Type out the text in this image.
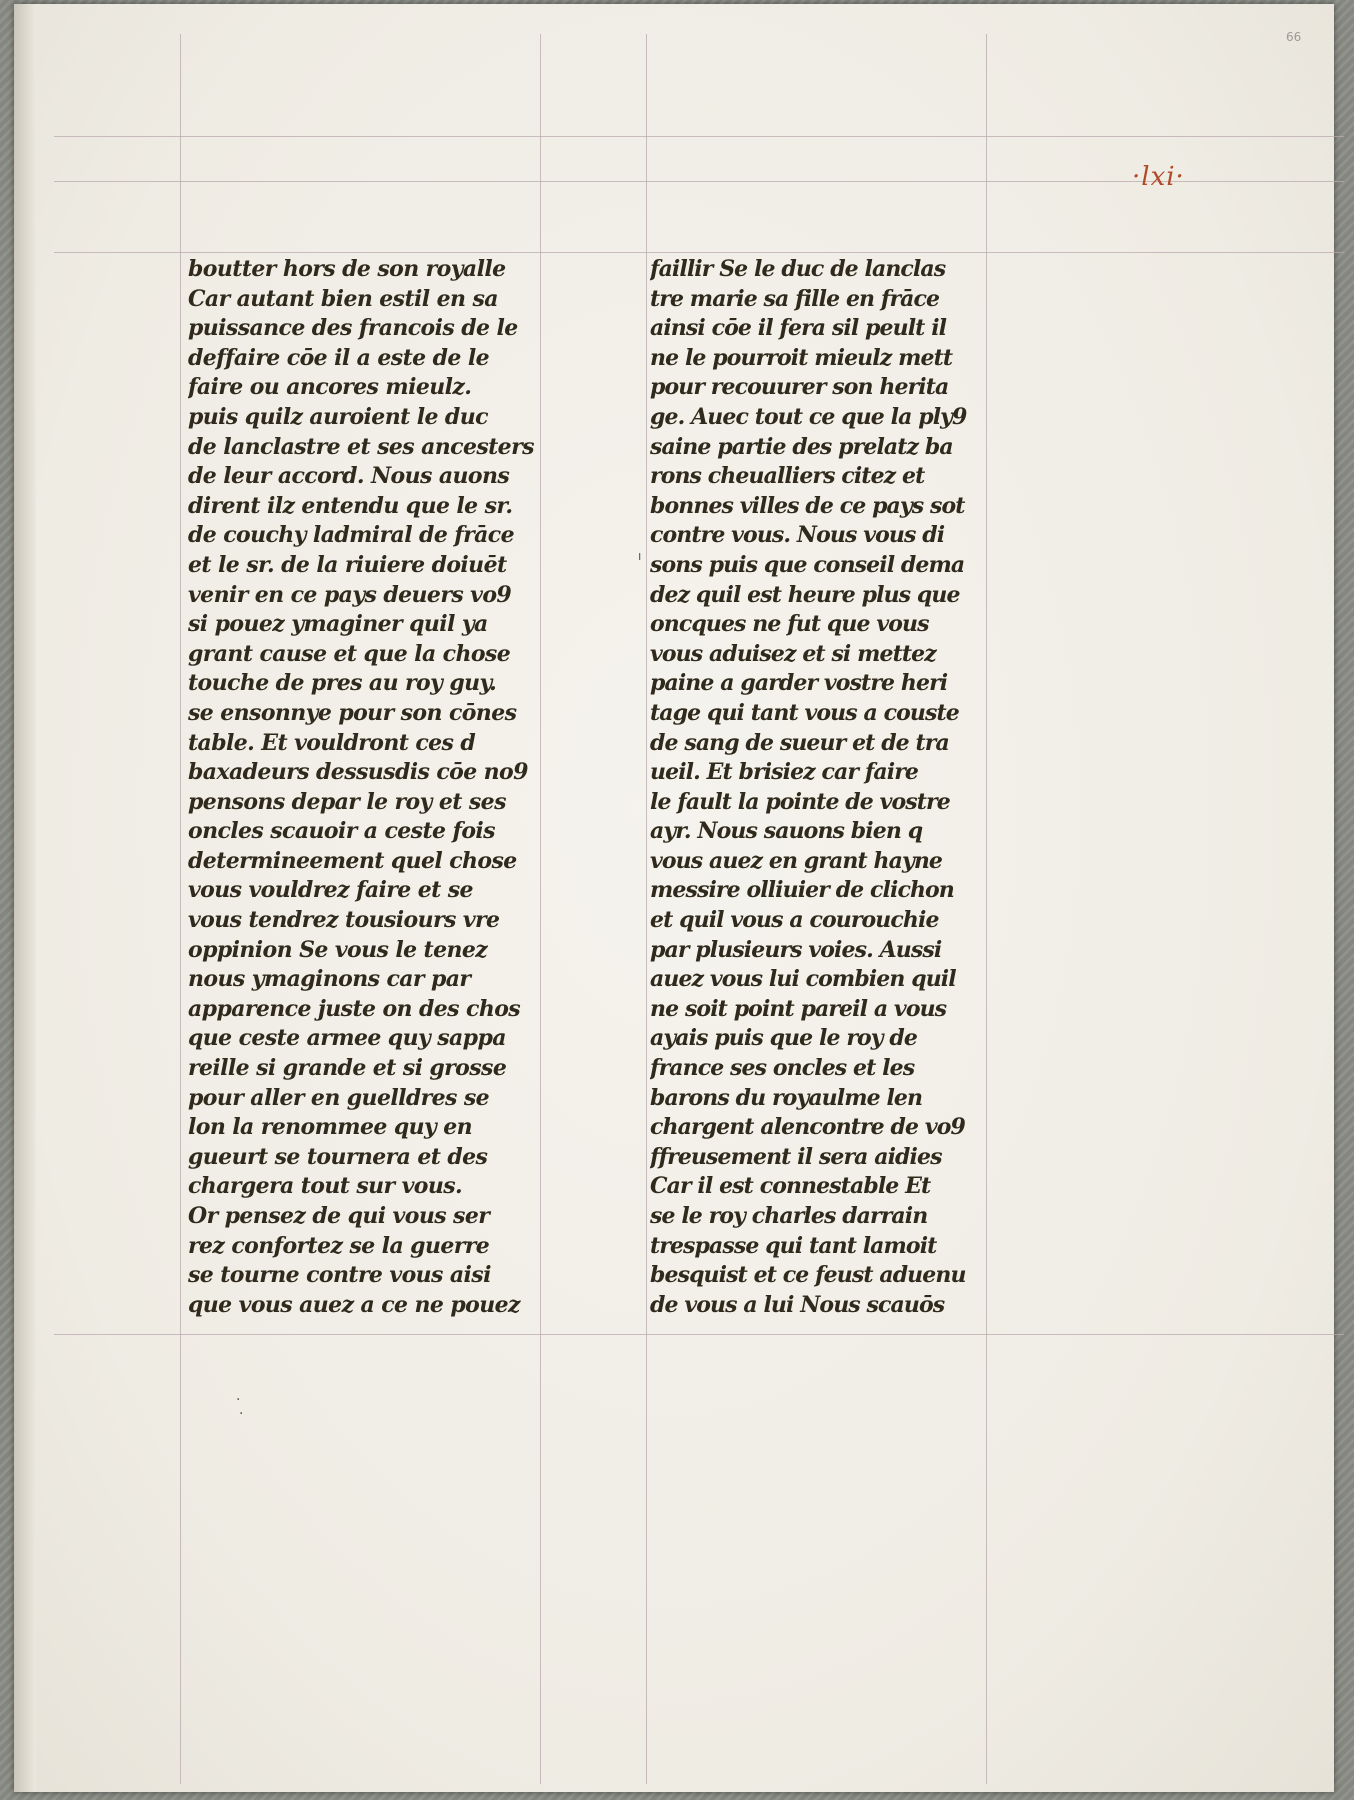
66
·lxi·
·
·
ı
boutter hors de son royalle
Car autant bien estil en sa
puissance des francois de le
deffaire cōe il a este de le
faire ou ancores mieulz.
puis quilz auroient le duc
de lanclastre et ses ancesters
de leur accord. Nous auons
dirent ilz entendu que le sr.
de couchy ladmiral de frāce
et le sr. de la riuiere doiuēt
venir en ce pays deuers vo9
si pouez ymaginer quil ya
grant cause et que la chose
touche de pres au roy guy.
se ensonnye pour son cōnes
table. Et vouldront ces d
baxadeurs dessusdis cōe no9
pensons depar le roy et ses
oncles scauoir a ceste fois
determineement quel chose
vous vouldrez faire et se
vous tendrez tousiours vre
oppinion Se vous le tenez
nous ymaginons car par
apparence juste on des chos
que ceste armee quy sappa
reille si grande et si grosse
pour aller en guelldres se
lon la renommee quy en
gueurt se tournera et des
chargera tout sur vous.
Or pensez de qui vous ser
rez confortez se la guerre
se tourne contre vous aisi
que vous auez a ce ne pouez
faillir Se le duc de lanclas
tre marie sa fille en frāce
ainsi cōe il fera sil peult il
ne le pourroit mieulz mett
pour recouurer son herita
ge. Auec tout ce que la ply9
saine partie des prelatz ba
rons cheualliers citez et
bonnes villes de ce pays sot
contre vous. Nous vous di
sons puis que conseil dema
dez quil est heure plus que
oncques ne fut que vous
vous aduisez et si mettez
paine a garder vostre heri
tage qui tant vous a couste
de sang de sueur et de tra
ueil. Et brisiez car faire
le fault la pointe de vostre
ayr. Nous sauons bien q
vous auez en grant hayne
messire olliuier de clichon
et quil vous a courouchie
par plusieurs voies. Aussi
auez vous lui combien quil
ne soit point pareil a vous
ayais puis que le roy de
france ses oncles et les
barons du royaulme len
chargent alencontre de vo9
ffreusement il sera aidies
Car il est connestable Et
se le roy charles darrain
trespasse qui tant lamoit
besquist et ce feust aduenu
de vous a lui Nous scauōs
